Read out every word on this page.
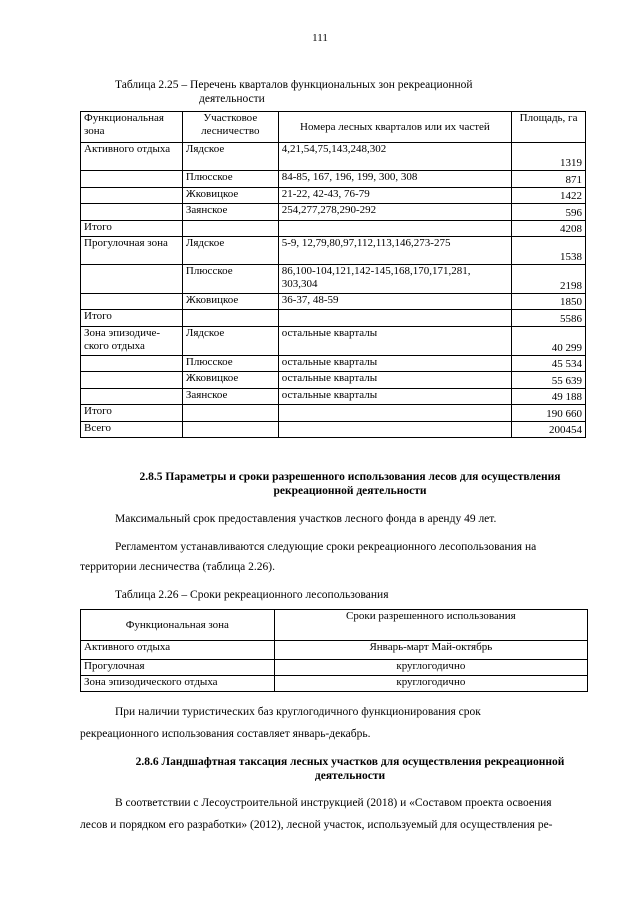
111
Таблица 2.25 – Перечень кварталов функциональных зон рекреационной
деятельности
Функциональная зона	Участковое лесничество	Номера лесных кварталов или их частей	Площадь, га
Активного отдыха	Лядское	4,21,54,75,143,248,302	1319
	Плюсское	84-85, 167, 196, 199, 300, 308	871
	Жковицкое	21-22, 42-43, 76-79	1422
	Заянское	254,277,278,290-292	596
Итого			4208
Прогулочная зона	Лядское	5-9, 12,79,80,97,112,113,146,273-275	1538
	Плюсское	86,100-104,121,142-145,168,170,171,281, 303,304	2198
	Жковицкое	36-37, 48-59	1850
Итого			5586
Зона эпизодиче-ского отдыха	Лядское	остальные кварталы	40 299
	Плюсское	остальные кварталы	45 534
	Жковицкое	остальные кварталы	55 639
	Заянское	остальные кварталы	49 188
Итого			190 660
Всего			200454
2.8.5 Параметры и сроки разрешенного использования лесов для осуществления
рекреационной деятельности
Максимальный срок предоставления участков лесного фонда в аренду 49 лет.
Регламентом устанавливаются следующие сроки рекреационного лесопользования на
территории лесничества (таблица 2.26).
Таблица 2.26 – Сроки рекреационного лесопользования
Функциональная зона	Сроки разрешенного использования
Активного отдыха	Январь-март Май-октябрь
Прогулочная	круглогодично
Зона эпизодического отдыха	круглогодично
При наличии туристических баз круглогодичного функционирования срок
рекреационного использования составляет январь-декабрь.
2.8.6 Ландшафтная таксация лесных участков для осуществления рекреационной
деятельности
В соответствии с Лесоустроительной инструкцией (2018) и «Составом проекта освоения
лесов и порядком его разработки» (2012), лесной участок, используемый для осуществления ре-
